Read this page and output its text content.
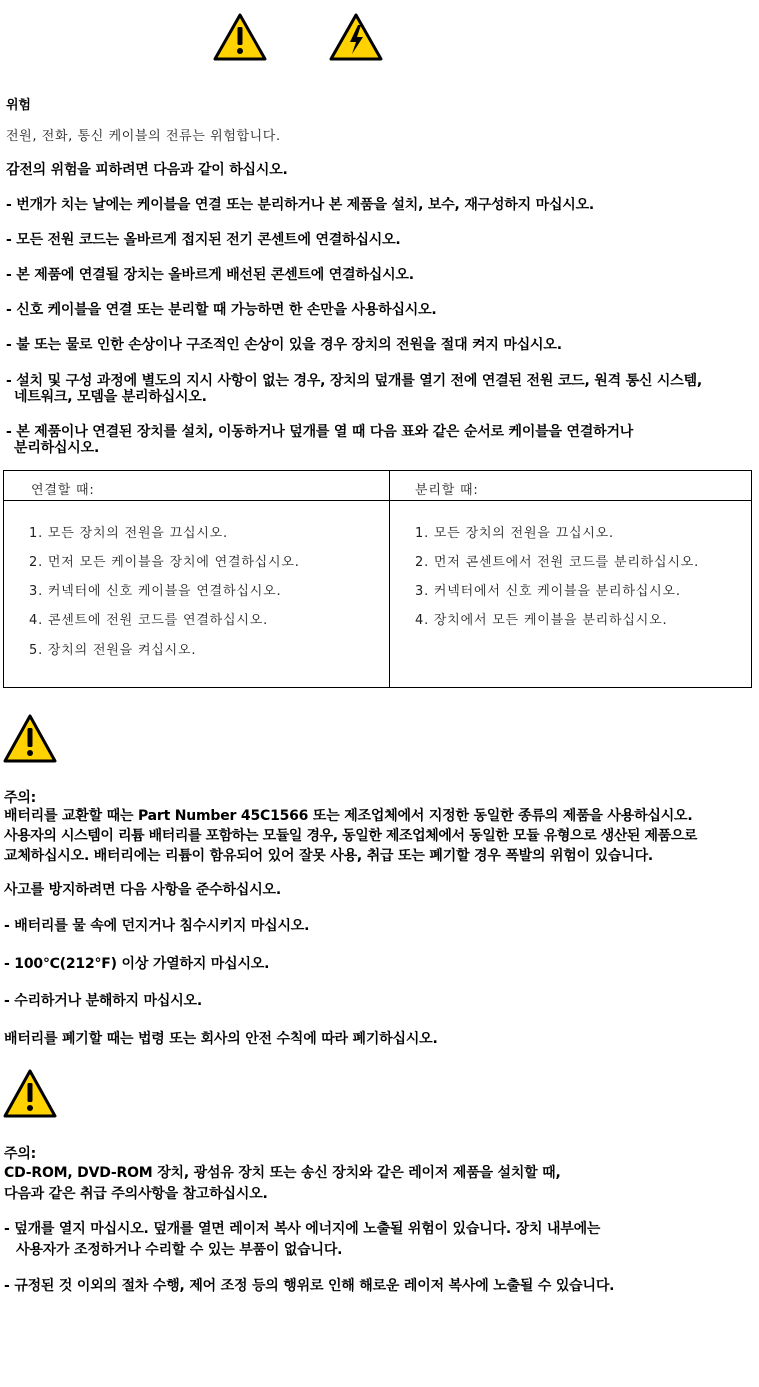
위험
전원, 전화, 통신 케이블의 전류는 위험합니다.
감전의 위험을 피하려면 다음과 같이 하십시오.
- 번개가 치는 날에는 케이블을 연결 또는 분리하거나 본 제품을 설치, 보수, 재구성하지 마십시오.
- 모든 전원 코드는 올바르게 접지된 전기 콘센트에 연결하십시오.
- 본 제품에 연결될 장치는 올바르게 배선된 콘센트에 연결하십시오.
- 신호 케이블을 연결 또는 분리할 때 가능하면 한 손만을 사용하십시오.
- 불 또는 물로 인한 손상이나 구조적인 손상이 있을 경우 장치의 전원을 절대 켜지 마십시오.
- 설치 및 구성 과정에 별도의 지시 사항이 없는 경우, 장치의 덮개를 열기 전에 연결된 전원 코드, 원격 통신 시스템,
네트워크, 모뎀을 분리하십시오.
- 본 제품이나 연결된 장치를 설치, 이동하거나 덮개를 열 때 다음 표와 같은 순서로 케이블을 연결하거나
분리하십시오.
연결할 때:	분리할 때:
1. 모든 장치의 전원을 끄십시오.
2. 먼저 모든 케이블을 장치에 연결하십시오.
3. 커넥터에 신호 케이블을 연결하십시오.
4. 콘센트에 전원 코드를 연결하십시오.
5. 장치의 전원을 켜십시오.
1. 모든 장치의 전원을 끄십시오.
2. 먼저 콘센트에서 전원 코드를 분리하십시오.
3. 커넥터에서 신호 케이블을 분리하십시오.
4. 장치에서 모든 케이블을 분리하십시오.
주의:
배터리를 교환할 때는 Part Number 45C1566 또는 제조업체에서 지정한 동일한 종류의 제품을 사용하십시오.
사용자의 시스템이 리튬 배터리를 포함하는 모듈일 경우, 동일한 제조업체에서 동일한 모듈 유형으로 생산된 제품으로
교체하십시오. 배터리에는 리튬이 함유되어 있어 잘못 사용, 취급 또는 폐기할 경우 폭발의 위험이 있습니다.
사고를 방지하려면 다음 사항을 준수하십시오.
- 배터리를 물 속에 던지거나 침수시키지 마십시오.
- 100℃(212°F) 이상 가열하지 마십시오.
- 수리하거나 분해하지 마십시오.
배터리를 폐기할 때는 법령 또는 회사의 안전 수칙에 따라 폐기하십시오.
주의:
CD-ROM, DVD-ROM 장치, 광섬유 장치 또는 송신 장치와 같은 레이저 제품을 설치할 때,
다음과 같은 취급 주의사항을 참고하십시오.
- 덮개를 열지 마십시오. 덮개를 열면 레이저 복사 에너지에 노출될 위험이 있습니다. 장치 내부에는
사용자가 조정하거나 수리할 수 있는 부품이 없습니다.
- 규정된 것 이외의 절차 수행, 제어 조정 등의 행위로 인해 해로운 레이저 복사에 노출될 수 있습니다.
